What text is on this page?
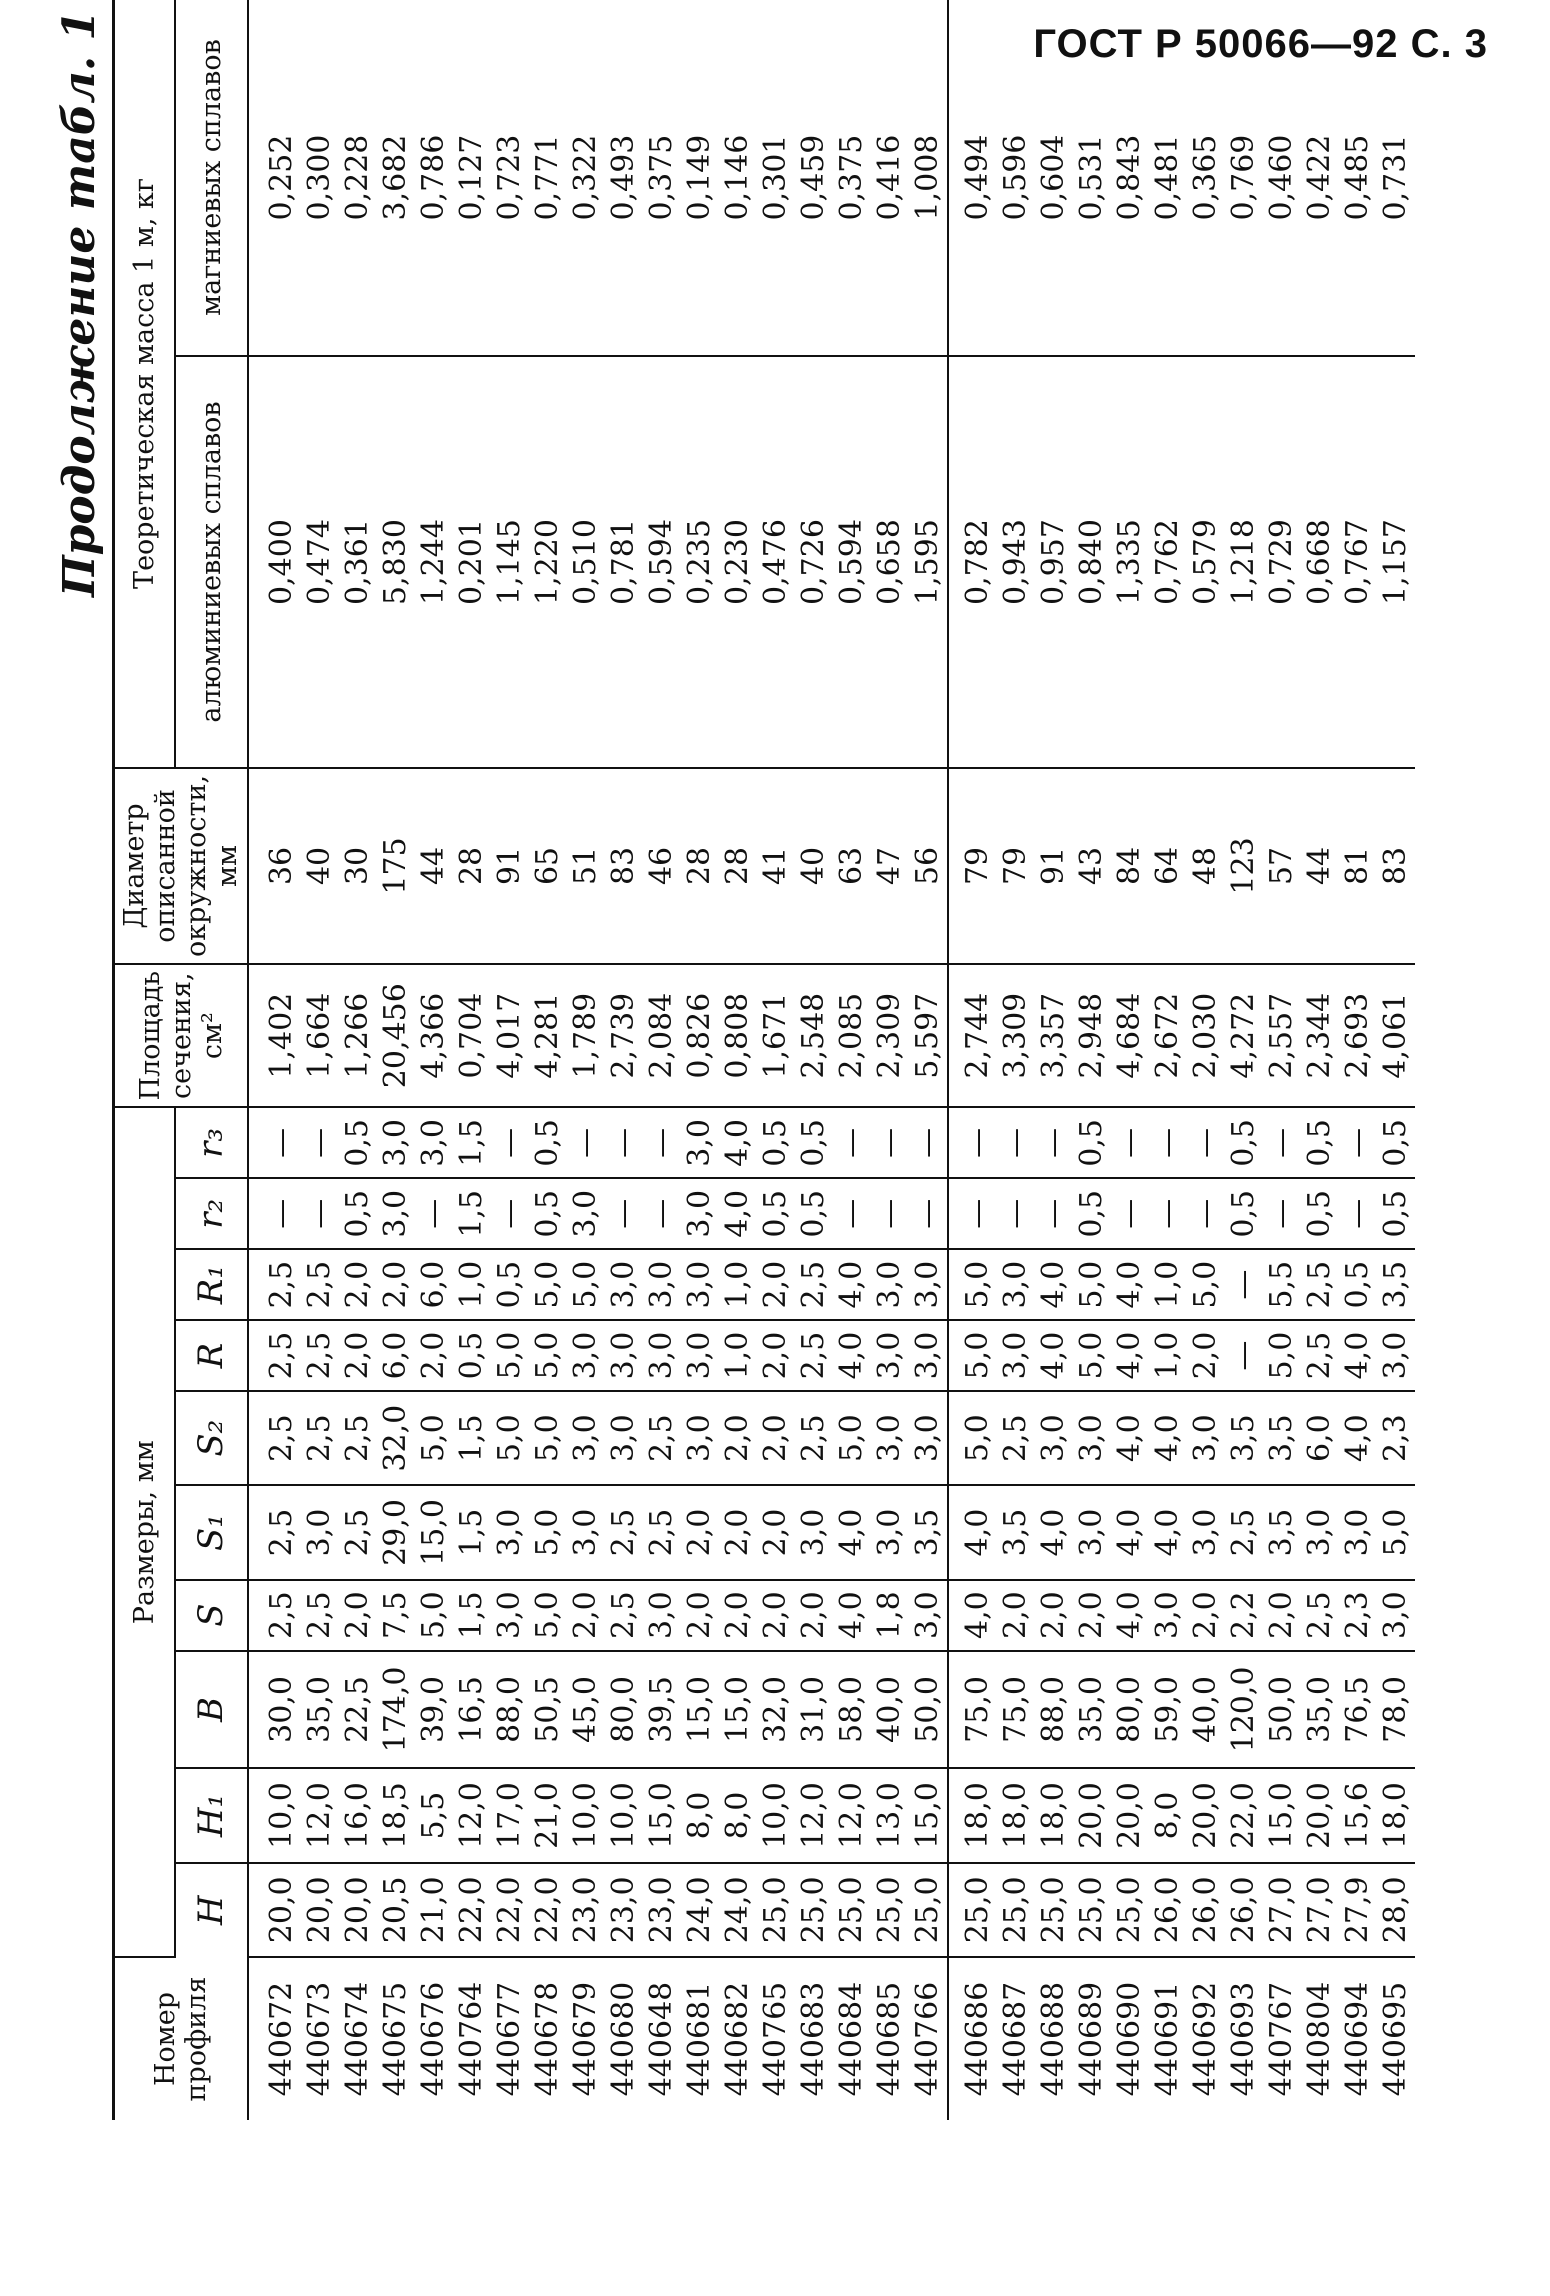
ГОСТ Р 50066—92 С. 3
Продолжение табл. 1
Номер профиля	Размеры, мм										Площадь сечения, см²	Диаметр описанной окружности, мм	Теоретическая масса 1 м, кг	
	H	H₁	B	S	S₁	S₂	R	R₁	r₂	r₃			алюминиевых сплавов	магниевых сплавов
440672	20,0	10,0	30,0	2,5	2,5	2,5	2,5	2,5	—	—	1,402	36	0,400	0,252
440673	20,0	12,0	35,0	2,5	3,0	2,5	2,5	2,5	—	—	1,664	40	0,474	0,300
440674	20,0	16,0	22,5	2,0	2,5	2,5	2,0	2,0	0,5	0,5	1,266	30	0,361	0,228
440675	20,5	18,5	174,0	7,5	29,0	32,0	6,0	2,0	3,0	3,0	20,456	175	5,830	3,682
440676	21,0	5,5	39,0	5,0	15,0	5,0	2,0	6,0	—	3,0	4,366	44	1,244	0,786
440764	22,0	12,0	16,5	1,5	1,5	1,5	0,5	1,0	1,5	1,5	0,704	28	0,201	0,127
440677	22,0	17,0	88,0	3,0	3,0	5,0	5,0	0,5	—	—	4,017	91	1,145	0,723
440678	22,0	21,0	50,5	5,0	5,0	5,0	5,0	5,0	0,5	0,5	4,281	65	1,220	0,771
440679	23,0	10,0	45,0	2,0	3,0	3,0	3,0	5,0	3,0	—	1,789	51	0,510	0,322
440680	23,0	10,0	80,0	2,5	2,5	3,0	3,0	3,0	—	—	2,739	83	0,781	0,493
440648	23,0	15,0	39,5	3,0	2,5	2,5	3,0	3,0	—	—	2,084	46	0,594	0,375
440681	24,0	8,0	15,0	2,0	2,0	3,0	3,0	3,0	3,0	3,0	0,826	28	0,235	0,149
440682	24,0	8,0	15,0	2,0	2,0	2,0	1,0	1,0	4,0	4,0	0,808	28	0,230	0,146
440765	25,0	10,0	32,0	2,0	2,0	2,0	2,0	2,0	0,5	0,5	1,671	41	0,476	0,301
440683	25,0	12,0	31,0	2,0	3,0	2,5	2,5	2,5	0,5	0,5	2,548	40	0,726	0,459
440684	25,0	12,0	58,0	4,0	4,0	5,0	4,0	4,0	—	—	2,085	63	0,594	0,375
440685	25,0	13,0	40,0	1,8	3,0	3,0	3,0	3,0	—	—	2,309	47	0,658	0,416
440766	25,0	15,0	50,0	3,0	3,5	3,0	3,0	3,0	—	—	5,597	56	1,595	1,008
440686	25,0	18,0	75,0	4,0	4,0	5,0	5,0	5,0	—	—	2,744	79	0,782	0,494
440687	25,0	18,0	75,0	2,0	3,5	2,5	3,0	3,0	—	—	3,309	79	0,943	0,596
440688	25,0	18,0	88,0	2,0	4,0	3,0	4,0	4,0	—	—	3,357	91	0,957	0,604
440689	25,0	20,0	35,0	2,0	3,0	3,0	5,0	5,0	0,5	0,5	2,948	43	0,840	0,531
440690	25,0	20,0	80,0	4,0	4,0	4,0	4,0	4,0	—	—	4,684	84	1,335	0,843
440691	26,0	8,0	59,0	3,0	4,0	4,0	1,0	1,0	—	—	2,672	64	0,762	0,481
440692	26,0	20,0	40,0	2,0	3,0	3,0	2,0	5,0	—	—	2,030	48	0,579	0,365
440693	26,0	22,0	120,0	2,2	2,5	3,5	—	—	0,5	0,5	4,272	123	1,218	0,769
440767	27,0	15,0	50,0	2,0	3,5	3,5	5,0	5,5	—	—	2,557	57	0,729	0,460
440804	27,0	20,0	35,0	2,5	3,0	6,0	2,5	2,5	0,5	0,5	2,344	44	0,668	0,422
440694	27,9	15,6	76,5	2,3	3,0	4,0	4,0	0,5	—	—	2,693	81	0,767	0,485
440695	28,0	18,0	78,0	3,0	5,0	2,3	3,0	3,5	0,5	0,5	4,061	83	1,157	0,731
